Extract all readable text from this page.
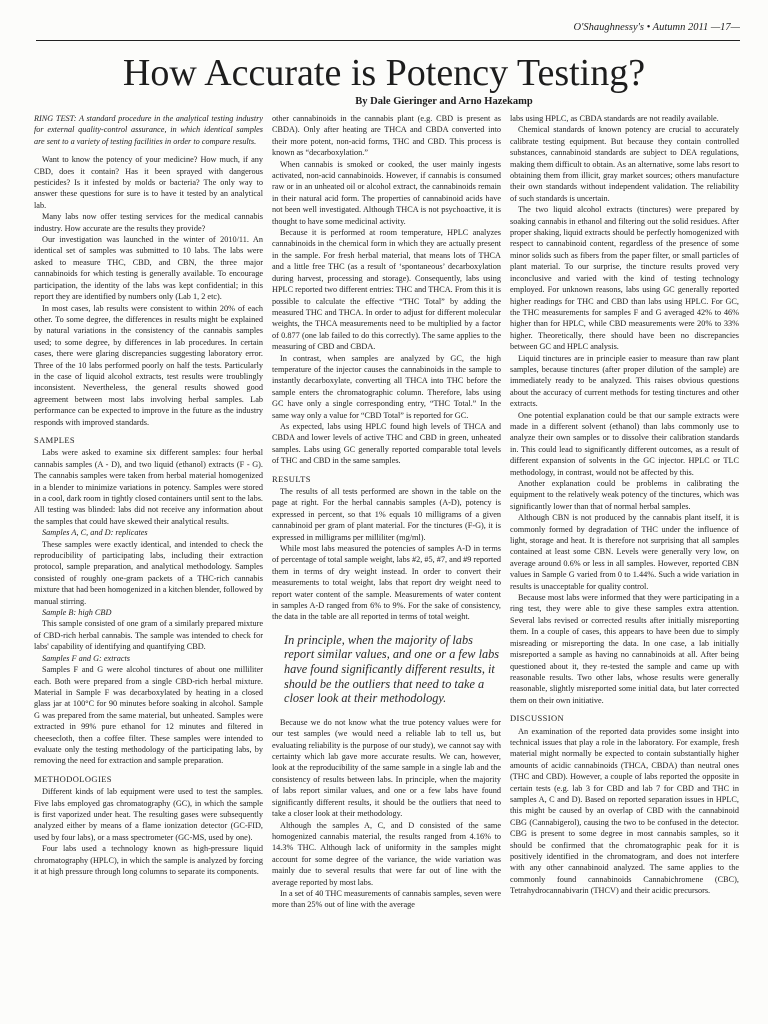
O'Shaughnessy's • Autumn 2011 —17—
How Accurate is Potency Testing?
By Dale Gieringer and Arno Hazekamp

RING TEST: A standard procedure in the analytical testing industry for external quality-control assurance, in which identical samples are sent to a variety of testing facilities in order to compare results.

Want to know the potency of your medicine? How much, if any CBD, does it contain? Has it been sprayed with dangerous pesticides? Is it infested by molds or bacteria? The only way to answer these questions for sure is to have it tested by an analytical lab.

Many labs now offer testing services for the medical cannabis industry. How accurate are the results they provide?

Our investigation was launched in the winter of 2010/11. An identical set of samples was submitted to 10 labs. The labs were asked to measure THC, CBD, and CBN, the three major cannabinoids for which testing is generally available. To encourage participation, the identity of the labs was kept confidential; in this report they are identified by numbers only (Lab 1, 2 etc).

In most cases, lab results were consistent to within 20% of each other. To some degree, the differences in results might be explained by natural variations in the consistency of the cannabis samples used; to some degree, by differences in lab procedures. In certain cases, there were glaring discrepancies suggesting laboratory error. Three of the 10 labs performed poorly on half the tests. Particularly in the case of liquid alcohol extracts, test results were troublingly inconsistent. Nevertheless, the general results showed good agreement between most labs involving herbal samples. Lab performance can be expected to improve in the future as the industry responds with improved standards.

SAMPLES

Labs were asked to examine six different samples: four herbal cannabis samples (A - D), and two liquid (ethanol) extracts (F - G). The cannabis samples were taken from herbal material homogenized in a blender to minimize variations in potency. Samples were stored in a cool, dark room in tightly closed containers until sent to the labs. All testing was blinded: labs did not receive any information about the samples that could have skewed their analytical results.

Samples A, C, and D: replicates

These samples were exactly identical, and intended to check the reproducibility of participating labs, including their extraction protocol, sample preparation, and analytical methodology. Samples consisted of roughly one-gram packets of a THC-rich cannabis mixture that had been homogenized in a kitchen blender, followed by manual stirring.

Sample B: high CBD

This sample consisted of one gram of a similarly prepared mixture of CBD-rich herbal cannabis. The sample was intended to check for labs' capability of identifying and quantifying CBD.

Samples F and G: extracts

Samples F and G were alcohol tinctures of about one milliliter each. Both were prepared from a single CBD-rich herbal mixture. Material in Sample F was decarboxylated by heating in a closed glass jar at 100°C for 90 minutes before soaking in alcohol. Sample G was prepared from the same material, but unheated. Samples were extracted in 99% pure ethanol for 12 minutes and filtered in cheesecloth, then a coffee filter. These samples were intended to evaluate only the testing methodology of the participating labs, by removing the need for extraction and sample preparation.

METHODOLOGIES

Different kinds of lab equipment were used to test the samples. Five labs employed gas chromatography (GC), in which the sample is first vaporized under heat. The resulting gases were subsequently analyzed either by means of a flame ionization detector (GC-FID, used by four labs), or a mass spectrometer (GC-MS, used by one).

Four labs used a technology known as high-pressure liquid chromatography (HPLC), in which the sample is analyzed by forcing it at high pressure through long columns to separate its components.

other cannabinoids in the cannabis plant (e.g. CBD is present as CBDA). Only after heating are THCA and CBDA converted into their more potent, non-acid forms, THC and CBD. This process is known as “decarboxylation.”

When cannabis is smoked or cooked, the user mainly ingests activated, non-acid cannabinoids. However, if cannabis is consumed raw or in an unheated oil or alcohol extract, the cannabinoids remain in their natural acid form. The properties of cannabinoid acids have not been well investigated. Although THCA is not psychoactive, it is thought to have some medicinal activity.

Because it is performed at room temperature, HPLC analyzes cannabinoids in the chemical form in which they are actually present in the sample. For fresh herbal material, that means lots of THCA and a little free THC (as a result of ‘spontaneous’ decarboxylation during harvest, processing and storage). Consequently, labs using HPLC reported two different entries: THC and THCA. From this it is possible to calculate the effective “THC Total” by adding the measured THC and THCA. In order to adjust for different molecular weights, the THCA measurements need to be multiplied by a factor of 0.877 (one lab failed to do this correctly). The same applies to the measuring of CBD and CBDA.

In contrast, when samples are analyzed by GC, the high temperature of the injector causes the cannabinoids in the sample to instantly decarboxylate, converting all THCA into THC before the sample enters the chromatographic column. Therefore, labs using GC have only a single corresponding entry, “THC Total.” In the same way only a value for “CBD Total” is reported for GC.

As expected, labs using HPLC found high levels of THCA and CBDA and lower levels of active THC and CBD in green, unheated samples. Labs using GC generally reported comparable total levels of THC and CBD in the same samples.

RESULTS

The results of all tests performed are shown in the table on the page at right. For the herbal cannabis samples (A-D), potency is expressed in percent, so that 1% equals 10 milligrams of a given cannabinoid per gram of plant material. For the tinctures (F-G), it is expressed in milligrams per milliliter (mg/ml).

While most labs measured the potencies of samples A-D in terms of percentage of total sample weight, labs #2, #5, #7, and #9 reported them in terms of dry weight instead. In order to convert their measurements to total weight, labs that report dry weight need to report water content of the sample. Measurements of water content in samples A-D ranged from 6% to 9%. For the sake of consistency, the data in the table are all reported in terms of total weight.

In principle, when the majority of labs report similar values, and one or a few labs have found significantly different results, it should be the outliers that need to take a closer look at their methodology.

Because we do not know what the true potency values were for our test samples (we would need a reliable lab to tell us, but evaluating reliability is the purpose of our study), we cannot say with certainty which lab gave more accurate results. We can, however, look at the reproducibility of the same sample in a single lab and the consistency of results between labs. In principle, when the majority of labs report similar values, and one or a few labs have found significantly different results, it should be the outliers that need to take a closer look at their methodology.

Although the samples A, C, and D consisted of the same homogenized cannabis material, the results ranged from 4.16% to 14.3% THC. Although lack of uniformity in the samples might account for some degree of the variance, the wide variation was mainly due to several results that were far out of line with the average reported by most labs.

In a set of 40 THC measurements of cannabis samples, seven were more than 25% out of line with the average

labs using HPLC, as CBDA standards are not readily available.

Chemical standards of known potency are crucial to accurately calibrate testing equipment. But because they contain controlled substances, cannabinoid standards are subject to DEA regulations, making them difficult to obtain. As an alternative, some labs resort to obtaining them from illicit, gray market sources; others manufacture their own standards without independent validation. The reliability of such standards is uncertain.

The two liquid alcohol extracts (tinctures) were prepared by soaking cannabis in ethanol and filtering out the solid residues. After proper shaking, liquid extracts should be perfectly homogenized with respect to cannabinoid content, regardless of the presence of some minor solids such as fibers from the paper filter, or small particles of plant material. To our surprise, the tincture results proved very inconclusive and varied with the kind of testing technology employed. For unknown reasons, labs using GC generally reported higher readings for THC and CBD than labs using HPLC. For GC, the THC measurements for samples F and G averaged 42% to 46% higher than for HPLC, while CBD measurements were 20% to 33% higher. Theoretically, there should have been no discrepancies between GC and HPLC analysis.

Liquid tinctures are in principle easier to measure than raw plant samples, because tinctures (after proper dilution of the sample) are immediately ready to be analyzed. This raises obvious questions about the accuracy of current methods for testing tinctures and other extracts.

One potential explanation could be that our sample extracts were made in a different solvent (ethanol) than labs commonly use to analyze their own samples or to dissolve their calibration standards in. This could lead to significantly different outcomes, as a result of different expansion of solvents in the GC injector. HPLC or TLC methodology, in contrast, would not be affected by this.

Another explanation could be problems in calibrating the equipment to the relatively weak potency of the tinctures, which was significantly lower than that of normal herbal samples.

Although CBN is not produced by the cannabis plant itself, it is commonly formed by degradation of THC under the influence of light, storage and heat. It is therefore not surprising that all samples contained at least some CBN. Levels were generally very low, on average around 0.6% or less in all samples. However, reported CBN values in Sample G varied from 0 to 1.44%. Such a wide variation in results is unacceptable for quality control.

Because most labs were informed that they were participating in a ring test, they were able to give these samples extra attention. Several labs revised or corrected results after initially misreporting them. In a couple of cases, this appears to have been due to simply misreading or misreporting the data. In one case, a lab initially misreported a sample as having no cannabinoids at all. After being questioned about it, they re-tested the sample and came up with reasonable results. Two other labs, whose results were generally reasonable, slightly misreported some initial data, but later corrected them on their own initiative.

DISCUSSION

An examination of the reported data provides some insight into technical issues that play a role in the laboratory. For example, fresh material might normally be expected to contain substantially higher amounts of acidic cannabinoids (THCA, CBDA) than neutral ones (THC and CBD). However, a couple of labs reported the opposite in certain tests (e.g. lab 3 for CBD and lab 7 for CBD and THC in samples A, C and D). Based on reported separation issues in HPLC, this might be caused by an overlap of CBD with the cannabinoid CBG (Cannabigerol), causing the two to be confused in the detector. CBG is present to some degree in most cannabis samples, so it should be confirmed that the chromatographic peak for it is positively identified in the chromatogram, and does not interfere with any other cannabinoid analyzed. The same applies to the commonly found cannabinoids Cannabichromene (CBC), Tetrahydrocannabivarin (THCV) and their acidic precursors.
